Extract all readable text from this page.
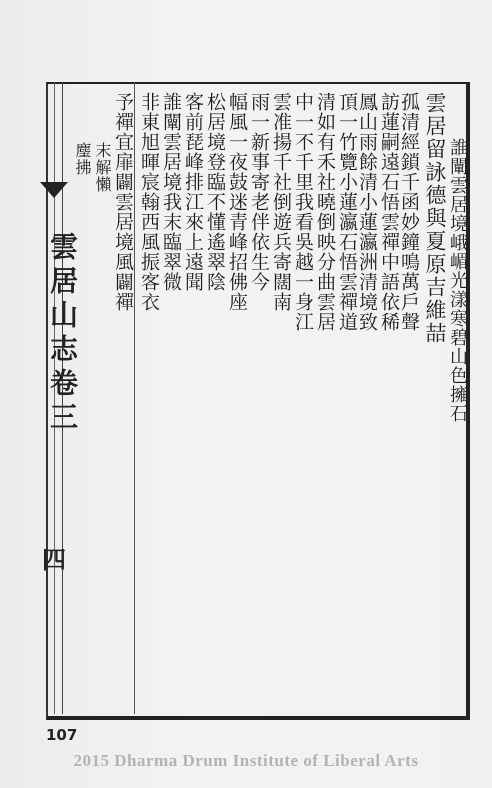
雲居留詠德與夏原吉維喆 誰闡雲居境峨嵋光漾寒碧山色擁石
孤清經鎖千函妙鐘鳴萬戶聲
訪蓮嗣遠石悟雲禪中語依稀
鳳山雨餘清小蓮瀛洲清境致
頂一竹覽小蓮瀛石悟雲禪道
清如有禾社曉倒映分曲雲居
中一不千里我看吳越一身江
雲准揚千社倒遊兵寄闊南
雨一新事寄老伴依生今
幅風一夜鼓迷青峰招佛座
松居境登臨不懂遙翠陰
客前琵峰排江來上遠聞
誰闡雲居境我末臨翠微
非東旭暉宸翰西風振客衣
予禪宜扉闢雲居境風闢禪
末解懶
麈拂
雲居山志卷三
四
107
2015 Dharma Drum Institute of Liberal Arts
